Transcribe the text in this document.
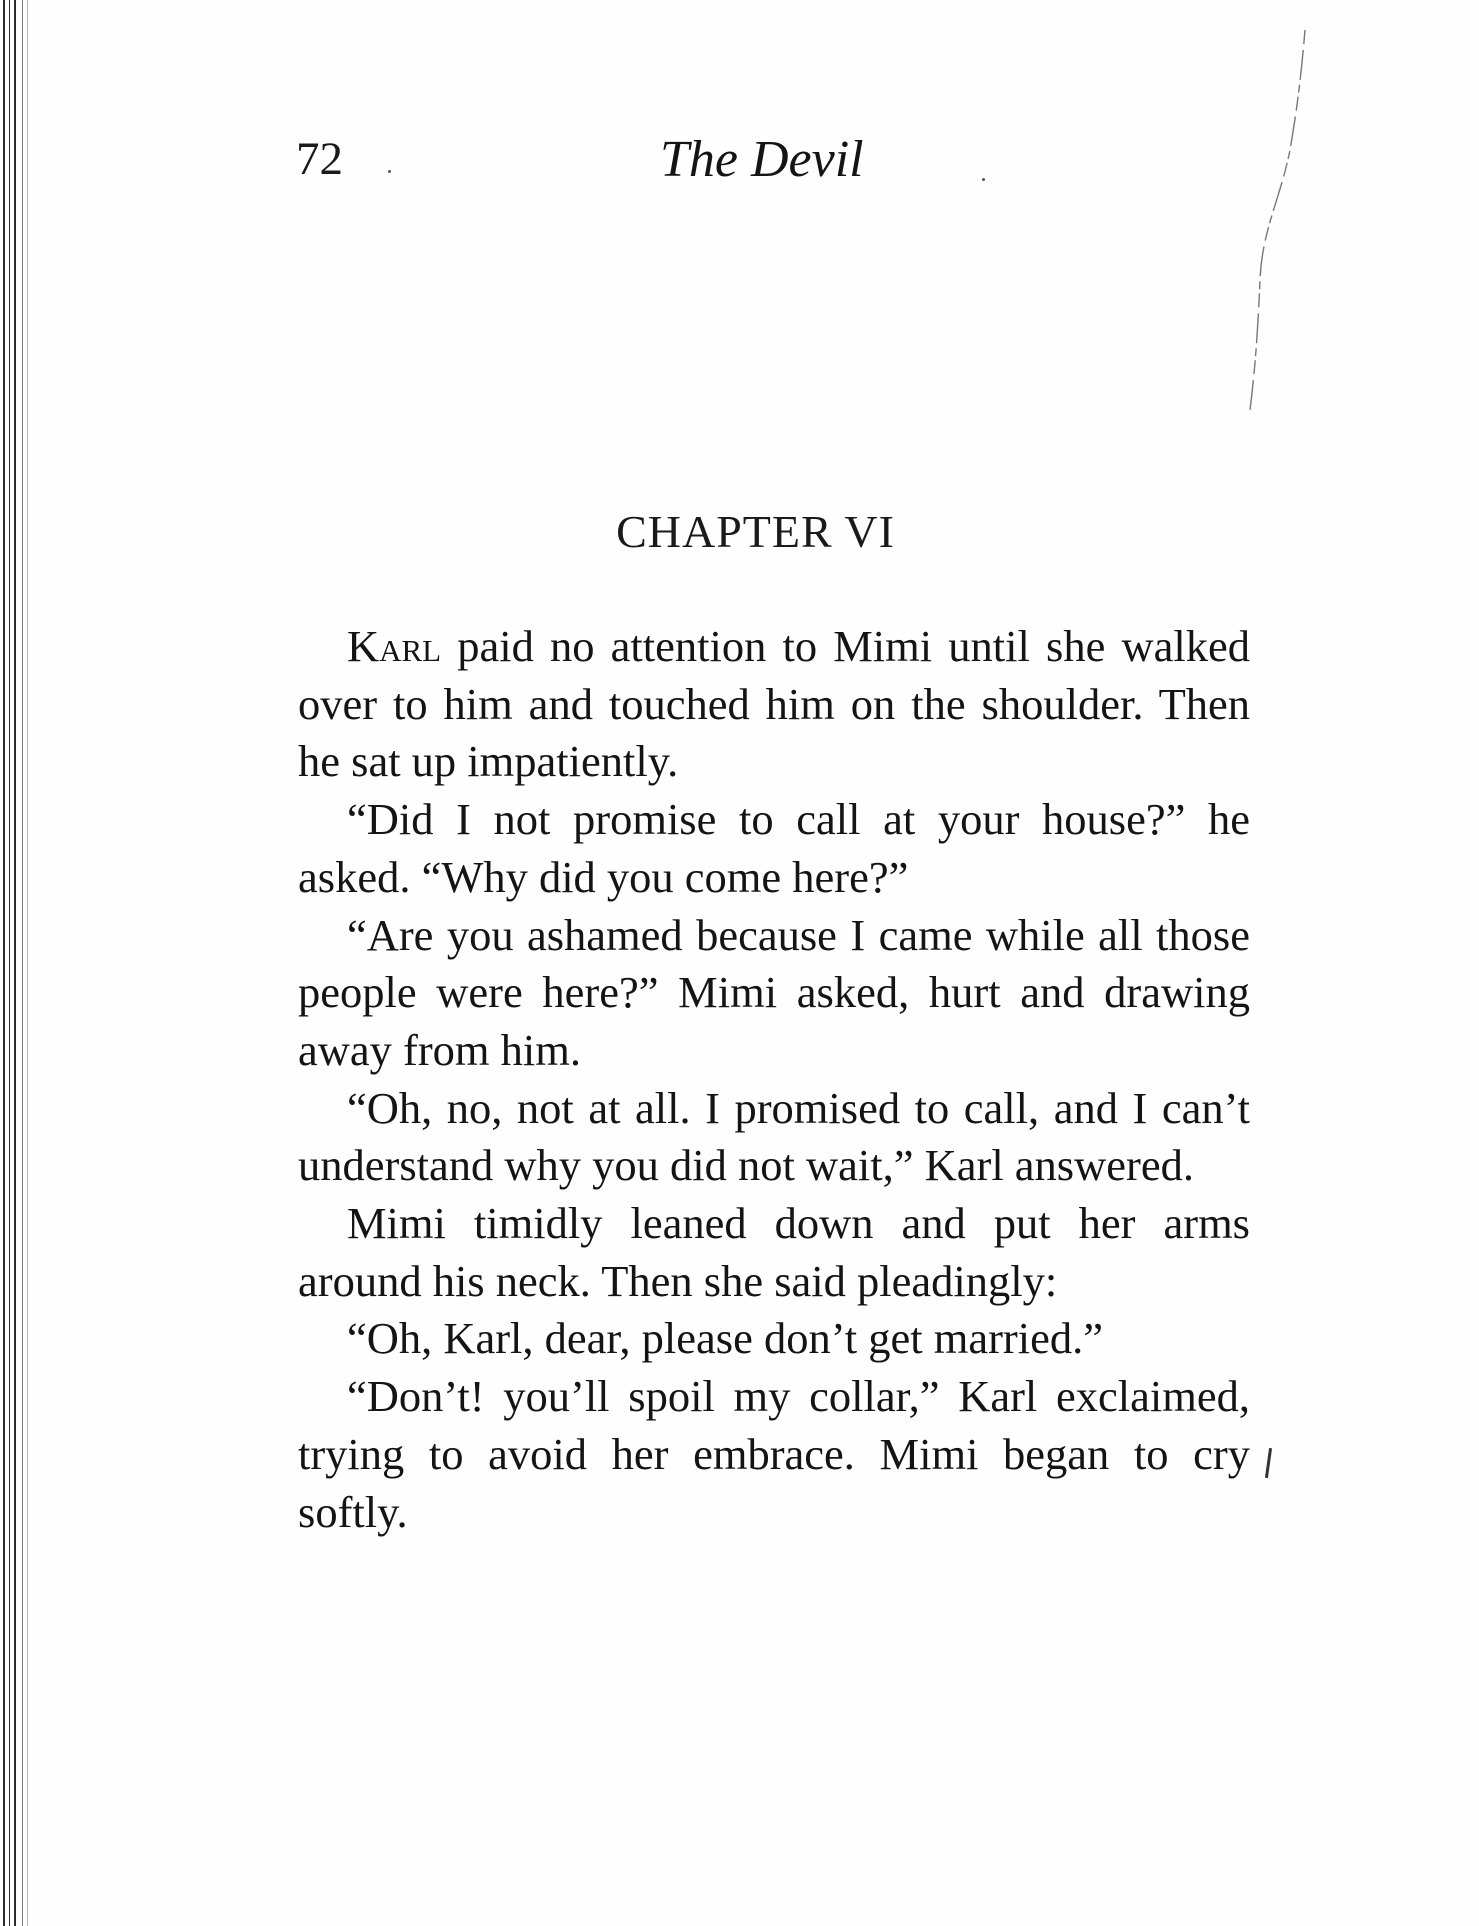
72	The Devil
CHAPTER VI

Karl paid no attention to Mimi until she walked over to him and touched him on the shoulder. Then he sat up impatiently.

“Did I not promise to call at your house?” he asked. “Why did you come here?”

“Are you ashamed because I came while all those people were here?” Mimi asked, hurt and drawing away from him.

“Oh, no, not at all. I promised to call, and I can’t understand why you did not wait,” Karl answered.

Mimi timidly leaned down and put her arms around his neck. Then she said pleadingly:

“Oh, Karl, dear, please don’t get married.”

“Don’t! you’ll spoil my collar,” Karl exclaimed, trying to avoid her embrace. Mimi began to cry softly.
